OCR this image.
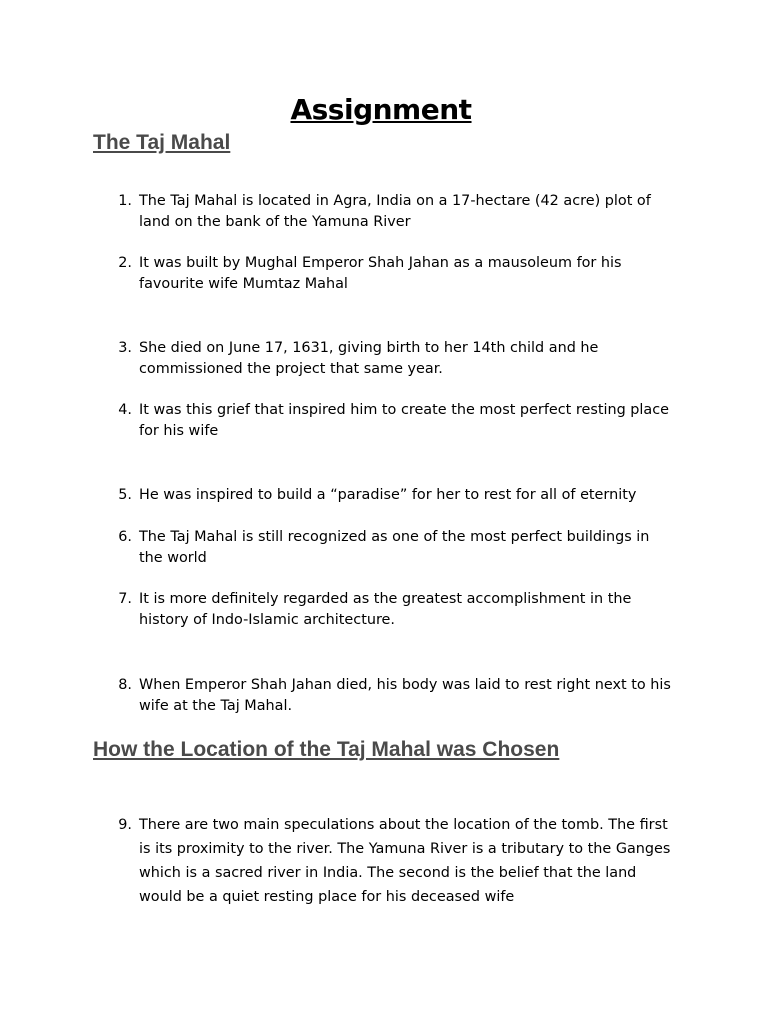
Assignment
The Taj Mahal
1. The Taj Mahal is located in Agra, India on a 17-hectare (42 acre) plot of land on the bank of the Yamuna River
2. It was built by Mughal Emperor Shah Jahan as a mausoleum for his favourite wife Mumtaz Mahal
3. She died on June 17, 1631, giving birth to her 14th child and he commissioned the project that same year.
4. It was this grief that inspired him to create the most perfect resting place for his wife
5. He was inspired to build a “paradise” for her to rest for all of eternity
6. The Taj Mahal is still recognized as one of the most perfect buildings in the world
7. It is more definitely regarded as the greatest accomplishment in the history of Indo-Islamic architecture.
8. When Emperor Shah Jahan died, his body was laid to rest right next to his wife at the Taj Mahal.
How the Location of the Taj Mahal was Chosen
9. There are two main speculations about the location of the tomb. The first is its proximity to the river. The Yamuna River is a tributary to the Ganges which is a sacred river in India. The second is the belief that the land would be a quiet resting place for his deceased wife
